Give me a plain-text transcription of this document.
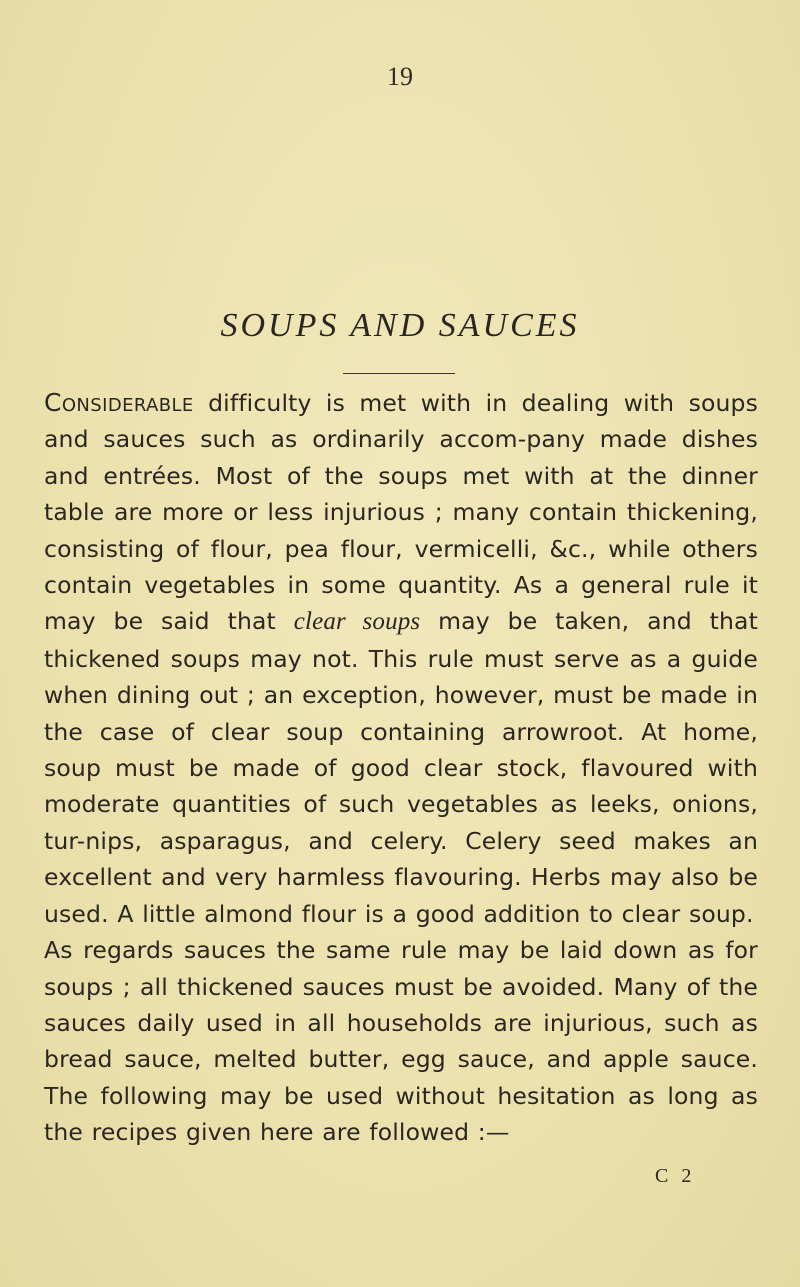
19
SOUPS AND SAUCES

Considerable difficulty is met with in dealing with soups and sauces such as ordinarily accom-pany made dishes and entrées. Most of the soups met with at the dinner table are more or less injurious ; many contain thickening, consisting of flour, pea flour, vermicelli, &c., while others contain vegetables in some quantity. As a general rule it may be said that clear soups may be taken, and that thickened soups may not. This rule must serve as a guide when dining out ; an exception, however, must be made in the case of clear soup containing arrowroot. At home, soup must be made of good clear stock, flavoured with moderate quantities of such vegetables as leeks, onions, tur-nips, asparagus, and celery. Celery seed makes an excellent and very harmless flavouring. Herbs may also be used. A little almond flour is a good addition to clear soup.

As regards sauces the same rule may be laid down as for soups ; all thickened sauces must be avoided. Many of the sauces daily used in all households are injurious, such as bread sauce, melted butter, egg sauce, and apple sauce. The following may be used without hesitation as long as the recipes given here are followed :—

C 2
